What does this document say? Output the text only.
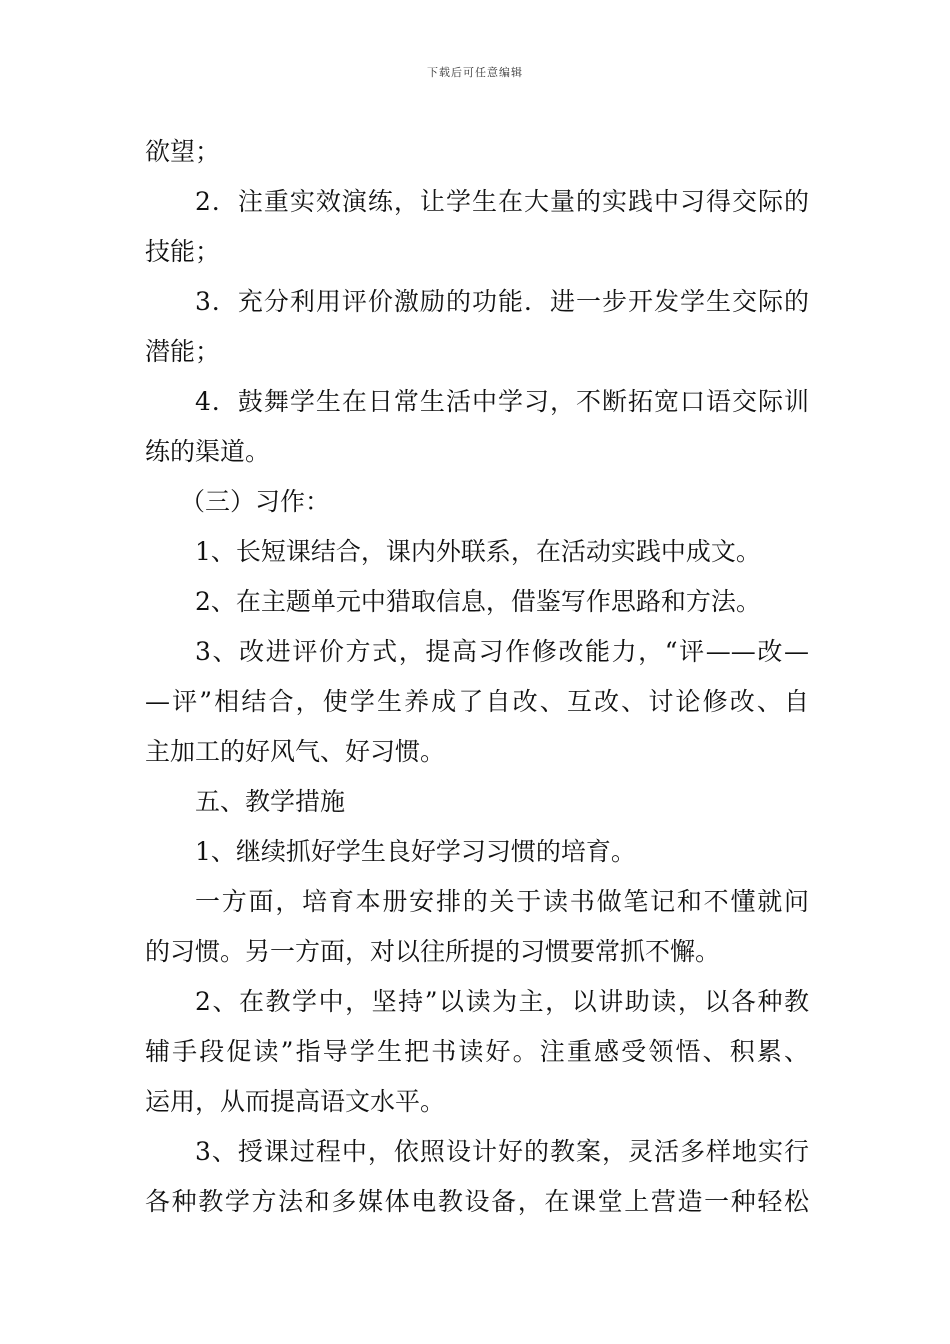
下载后可任意编辑
欲望；
2．注重实效演练，让学生在大量的实践中习得交际的
技能；
3．充分利用评价激励的功能．进一步开发学生交际的
潜能；
4．鼓舞学生在日常生活中学习，不断拓宽口语交际训
练的渠道。
（三）习作：
1、长短课结合，课内外联系，在活动实践中成文。
2、在主题单元中猎取信息，借鉴写作思路和方法。
3、改进评价方式，提高习作修改能力，“评——改—
—评”相结合，使学生养成了自改、互改、讨论修改、自
主加工的好风气、好习惯。
五、教学措施
1、继续抓好学生良好学习习惯的培育。
一方面，培育本册安排的关于读书做笔记和不懂就问
的习惯。另一方面，对以往所提的习惯要常抓不懈。
2、在教学中，坚持”以读为主，以讲助读，以各种教
辅手段促读”指导学生把书读好。注重感受领悟、积累、
运用，从而提高语文水平。
3、授课过程中，依照设计好的教案，灵活多样地实行
各种教学方法和多媒体电教设备，在课堂上营造一种轻松
